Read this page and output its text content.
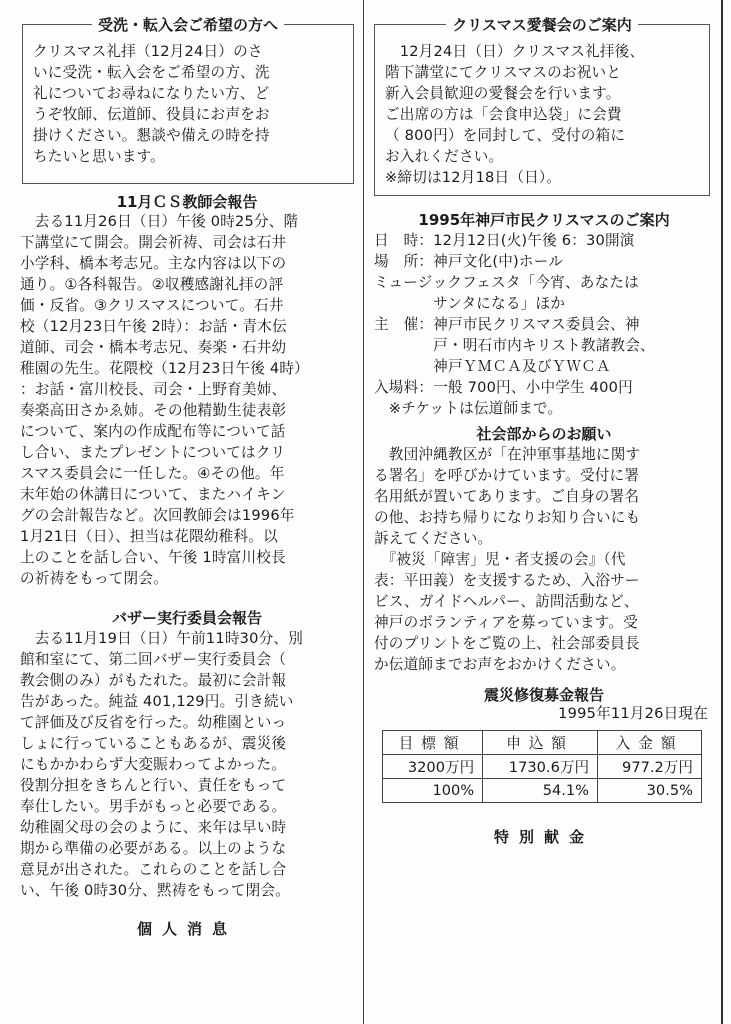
受洗・転入会ご希望の方へ
クリスマス礼拝（12月24日）のさ
いに受洗・転入会をご希望の方、洗
礼についてお尋ねになりたい方、ど
うぞ牧師、伝道師、役員にお声をお
掛けください。懇談や備えの時を持
ちたいと思います。
11月ＣＳ教師会報告
　去る11月26日（日）午後 0時25分、階
下講堂にて開会。開会祈祷、司会は石井
小学科、橋本考志兄。主な内容は以下の
通り。①各科報告。②収穫感謝礼拝の評
価・反省。③クリスマスについて。石井
校（12月23日午後 2時）：お話・青木伝
道師、司会・橋本考志兄、奏楽・石井幼
稚園の先生。花隈校（12月23日午後 4時）
：お話・富川校長、司会・上野育美姉、
奏楽高田さかゑ姉。その他精勤生徒表彰
について、案内の作成配布等について話
し合い、またプレゼントについてはクリ
スマス委員会に一任した。④その他。年
末年始の休講日について、またハイキン
グの会計報告など。次回教師会は1996年
1月21日（日）、担当は花隈幼稚科。以
上のことを話し合い、午後 1時富川校長
の祈祷をもって閉会。
バザー実行委員会報告
　去る11月19日（日）午前11時30分、別
館和室にて、第二回バザー実行委員会（
教会側のみ）がもたれた。最初に会計報
告があった。純益 401,129円。引き続い
て評価及び反省を行った。幼稚園といっ
しょに行っていることもあるが、震災後
にもかかわらず大変賑わってよかった。
役割分担をきちんと行い、責任をもって
奉仕したい。男手がもっと必要である。
幼稚園父母の会のように、来年は早い時
期から準備の必要がある。以上のような
意見が出された。これらのことを話し合
い、午後 0時30分、黙祷をもって閉会。
個人消息
クリスマス愛餐会のご案内
　12月24日（日）クリスマス礼拝後、
階下講堂にてクリスマスのお祝いと
新入会員歓迎の愛餐会を行います。
ご出席の方は「会食申込袋」に会費
（ 800円）を同封して、受付の箱に
お入れください。
※締切は12月18日（日）。
1995年神戸市民クリスマスのご案内
日　時：12月12日(火)午後 6：30開演
場　所：神戸文化(中)ホール
ミュージックフェスタ「今宵、あなたは
　　　　サンタになる」ほか
主　催：神戸市民クリスマス委員会、神
　　　　戸・明石市内キリスト教諸教会、
　　　　神戸ＹＭＣＡ及びＹＷＣＡ
入場料：一般 700円、小中学生 400円
　※チケットは伝道師まで。
社会部からのお願い
　教団沖縄教区が「在沖軍事基地に関す
る署名」を呼びかけています。受付に署
名用紙が置いてあります。ご自身の署名
の他、お持ち帰りになりお知り合いにも
訴えてください。
　『被災「障害」児・者支援の会』（代
表：平田義）を支援するため、入浴サー
ビス、ガイドヘルパー、訪問活動など、
神戸のボランティアを募っています。受
付のプリントをご覧の上、社会部委員長
か伝道師までお声をおかけください。
震災修復募金報告
1995年11月26日現在
目標額	申込額	入金額
3200万円	1730.6万円	977.2万円
100%	54.1%	30.5%
特別献金
